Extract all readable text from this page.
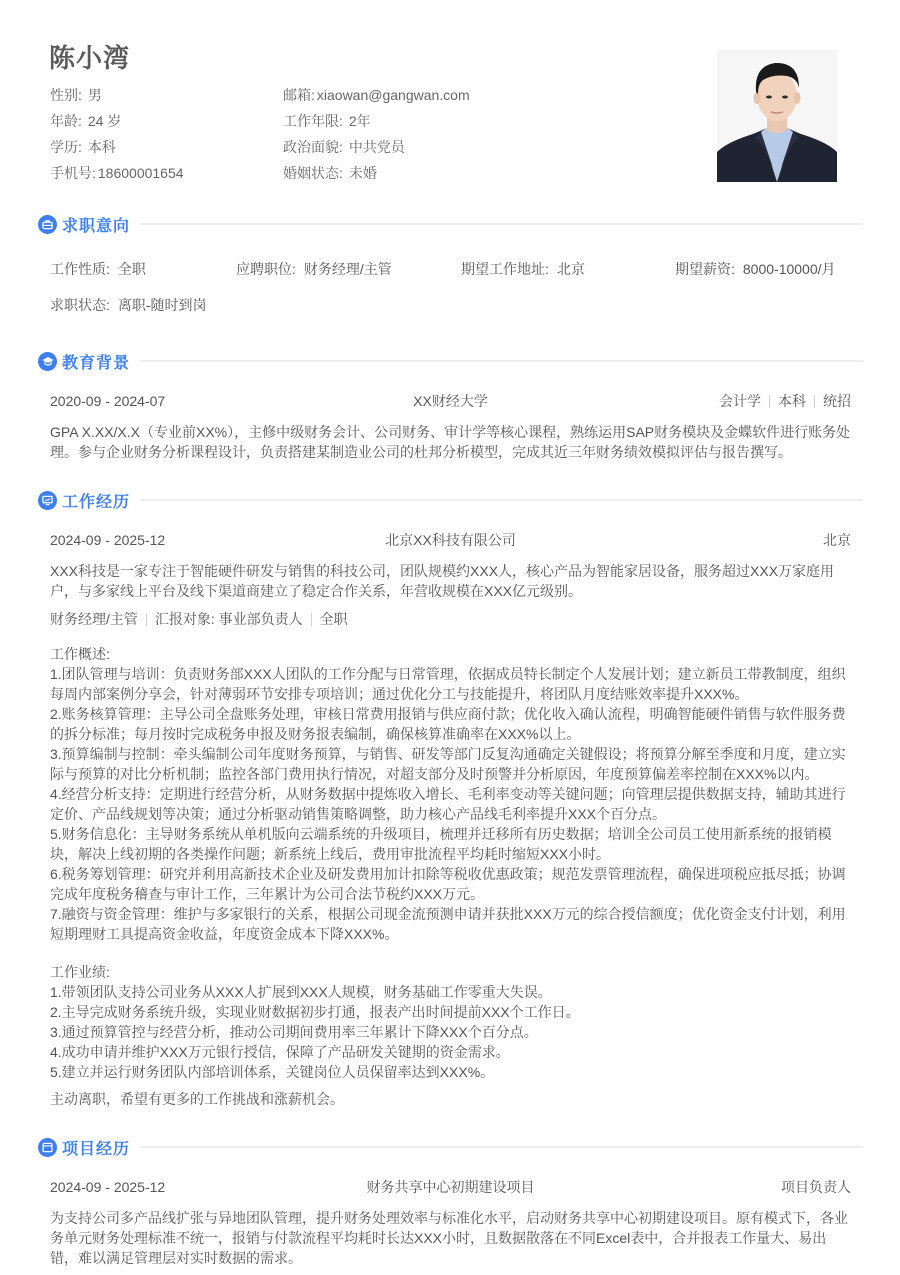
陈小湾
性别: 男	邮箱: xiaowan@gangwan.com
年龄: 24 岁	工作年限: 2年
学历: 本科	政治面貌: 中共党员
手机号: 18600001654	婚姻状态: 未婚
求职意向
工作性质: 全职	应聘职位: 财务经理/主管	期望工作地址: 北京	期望薪资: 8000-10000/月
求职状态: 离职-随时到岗
教育背景
2020-09 - 2024-07	XX财经大学	会计学 本科 统招

GPA X.XX/X.X（专业前XX%），主修中级财务会计、公司财务、审计学等核心课程，熟练运用SAP财务模块及金蝶软件进行账务处理。参与企业财务分析课程设计，负责搭建某制造业公司的杜邦分析模型，完成其近三年财务绩效模拟评估与报告撰写。

工作经历
2024-09 - 2025-12	北京XX科技有限公司	北京

XXX科技是一家专注于智能硬件研发与销售的科技公司，团队规模约XXX人，核心产品为智能家居设备，服务超过XXX万家庭用户，与多家线上平台及线下渠道商建立了稳定合作关系，年营收规模在XXX亿元级别。

财务经理/主管 汇报对象: 事业部负责人 全职

工作概述:

1.团队管理与培训：负责财务部XXX人团队的工作分配与日常管理，依据成员特长制定个人发展计划；建立新员工带教制度，组织每周内部案例分享会，针对薄弱环节安排专项培训；通过优化分工与技能提升，将团队月度结账效率提升XXX%。

2.账务核算管理：主导公司全盘账务处理，审核日常费用报销与供应商付款；优化收入确认流程，明确智能硬件销售与软件服务费的拆分标准；每月按时完成税务申报及财务报表编制，确保核算准确率在XXX%以上。

3.预算编制与控制：牵头编制公司年度财务预算，与销售、研发等部门反复沟通确定关键假设；将预算分解至季度和月度，建立实际与预算的对比分析机制；监控各部门费用执行情况，对超支部分及时预警并分析原因，年度预算偏差率控制在XXX%以内。

4.经营分析支持：定期进行经营分析，从财务数据中提炼收入增长、毛利率变动等关键问题；向管理层提供数据支持，辅助其进行定价、产品线规划等决策；通过分析驱动销售策略调整，助力核心产品线毛利率提升XXX个百分点。

5.财务信息化：主导财务系统从单机版向云端系统的升级项目，梳理并迁移所有历史数据；培训全公司员工使用新系统的报销模块，解决上线初期的各类操作问题；新系统上线后，费用审批流程平均耗时缩短XXX小时。

6.税务筹划管理：研究并利用高新技术企业及研发费用加计扣除等税收优惠政策；规范发票管理流程，确保进项税应抵尽抵；协调完成年度税务稽查与审计工作，三年累计为公司合法节税约XXX万元。

7.融资与资金管理：维护与多家银行的关系，根据公司现金流预测申请并获批XXX万元的综合授信额度；优化资金支付计划，利用短期理财工具提高资金收益，年度资金成本下降XXX%。

工作业绩:

1.带领团队支持公司业务从XXX人扩展到XXX人规模，财务基础工作零重大失误。

2.主导完成财务系统升级，实现业财数据初步打通，报表产出时间提前XXX个工作日。

3.通过预算管控与经营分析，推动公司期间费用率三年累计下降XXX个百分点。

4.成功申请并维护XXX万元银行授信，保障了产品研发关键期的资金需求。

5.建立并运行财务团队内部培训体系，关键岗位人员保留率达到XXX%。

主动离职，希望有更多的工作挑战和涨薪机会。

项目经历
2024-09 - 2025-12	财务共享中心初期建设项目	项目负责人

为支持公司多产品线扩张与异地团队管理，提升财务处理效率与标准化水平，启动财务共享中心初期建设项目。原有模式下，各业务单元财务处理标准不统一，报销与付款流程平均耗时长达XXX小时，且数据散落在不同Excel表中，合并报表工作量大、易出错，难以满足管理层对实时数据的需求。
